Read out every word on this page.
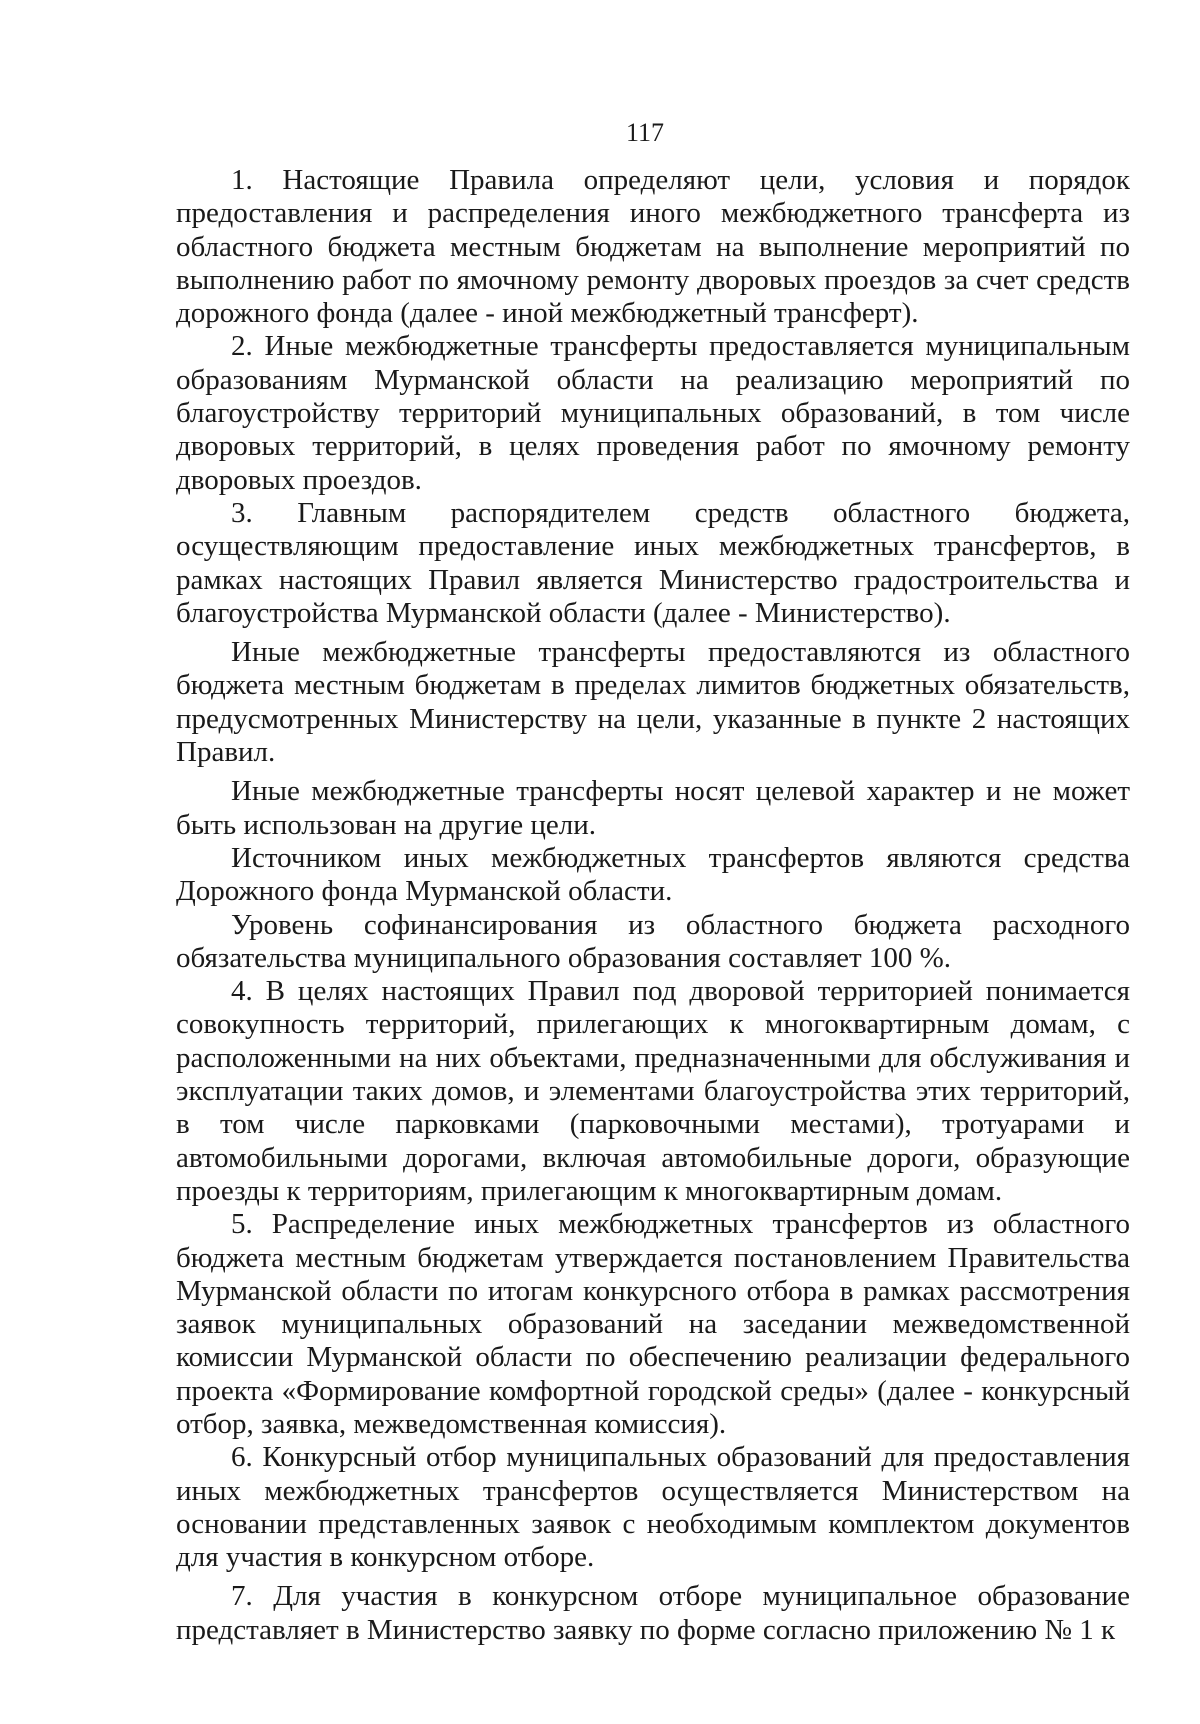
117

1. Настоящие Правила определяют цели, условия и порядок предоставления и распределения иного межбюджетного трансферта из областного бюджета местным бюджетам на выполнение мероприятий по выполнению работ по ямочному ремонту дворовых проездов за счет средств дорожного фонда (далее - иной межбюджетный трансферт).

2. Иные межбюджетные трансферты предоставляется муниципальным образованиям Мурманской области на реализацию мероприятий по благоустройству территорий муниципальных образований, в том числе дворовых территорий, в целях проведения работ по ямочному ремонту дворовых проездов.

3. Главным распорядителем средств областного бюджета, осуществляющим предоставление иных межбюджетных трансфертов, в рамках настоящих Правил является Министерство градостроительства и благоустройства Мурманской области (далее - Министерство).

Иные межбюджетные трансферты предоставляются из областного бюджета местным бюджетам в пределах лимитов бюджетных обязательств, предусмотренных Министерству на цели, указанные в пункте 2 настоящих Правил.

Иные межбюджетные трансферты носят целевой характер и не может быть использован на другие цели.

Источником иных межбюджетных трансфертов являются средства Дорожного фонда Мурманской области.

Уровень софинансирования из областного бюджета расходного обязательства муниципального образования составляет 100 %.

4. В целях настоящих Правил под дворовой территорией понимается совокупность территорий, прилегающих к многоквартирным домам, с расположенными на них объектами, предназначенными для обслуживания и эксплуатации таких домов, и элементами благоустройства этих территорий, в том числе парковками (парковочными местами), тротуарами и автомобильными дорогами, включая автомобильные дороги, образующие проезды к территориям, прилегающим к многоквартирным домам.

5. Распределение иных межбюджетных трансфертов из областного бюджета местным бюджетам утверждается постановлением Правительства Мурманской области по итогам конкурсного отбора в рамках рассмотрения заявок муниципальных образований на заседании межведомственной комиссии Мурманской области по обеспечению реализации федерального проекта «Формирование комфортной городской среды» (далее - конкурсный отбор, заявка, межведомственная комиссия).

6. Конкурсный отбор муниципальных образований для предоставления иных межбюджетных трансфертов осуществляется Министерством на основании представленных заявок с необходимым комплектом документов для участия в конкурсном отборе.

7. Для участия в конкурсном отборе муниципальное образование представляет в Министерство заявку по форме согласно приложению № 1 к
